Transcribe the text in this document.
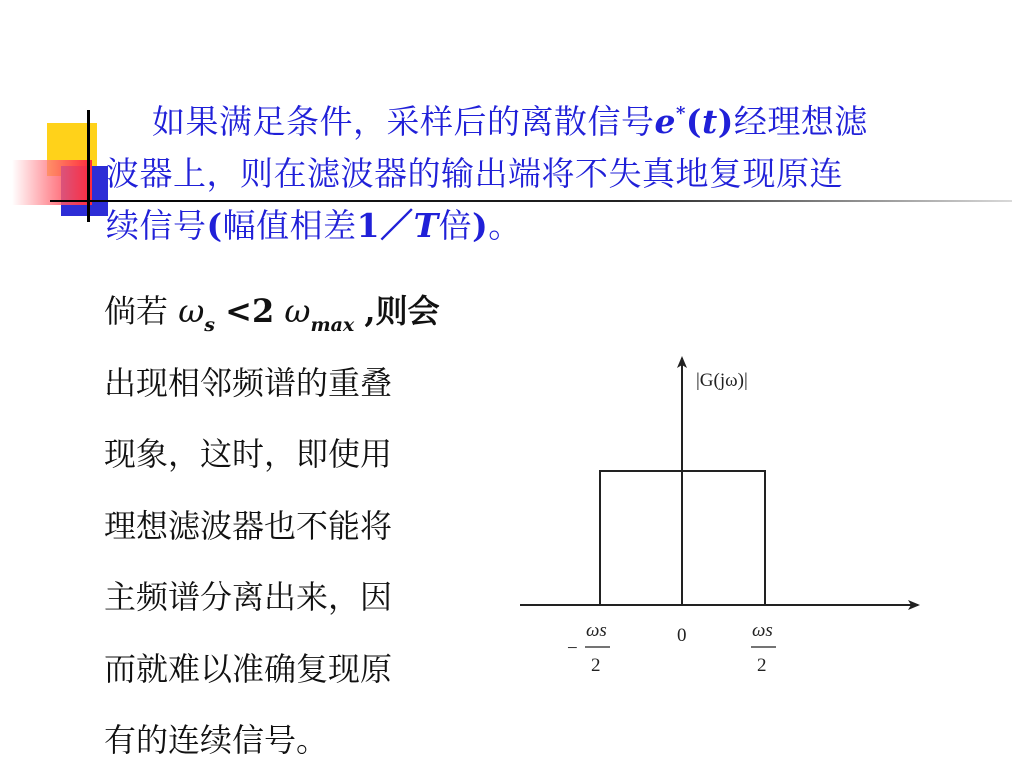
如果满足条件，采样后的离散信号e*(t)经理想滤波器上，则在滤波器的输出端将不失真地复现原连续信号(幅值相差1／T倍)。
倘若 $\omega_s <2$ $\omega_{max}$ ,则会
出现相邻频谱的重叠
现象，这时，即使用
理想滤波器也不能将
主频谱分离出来，因
而就难以准确复现原
有的连续信号。
|G(jω)|
0
−
ωs
2
ωs
2
